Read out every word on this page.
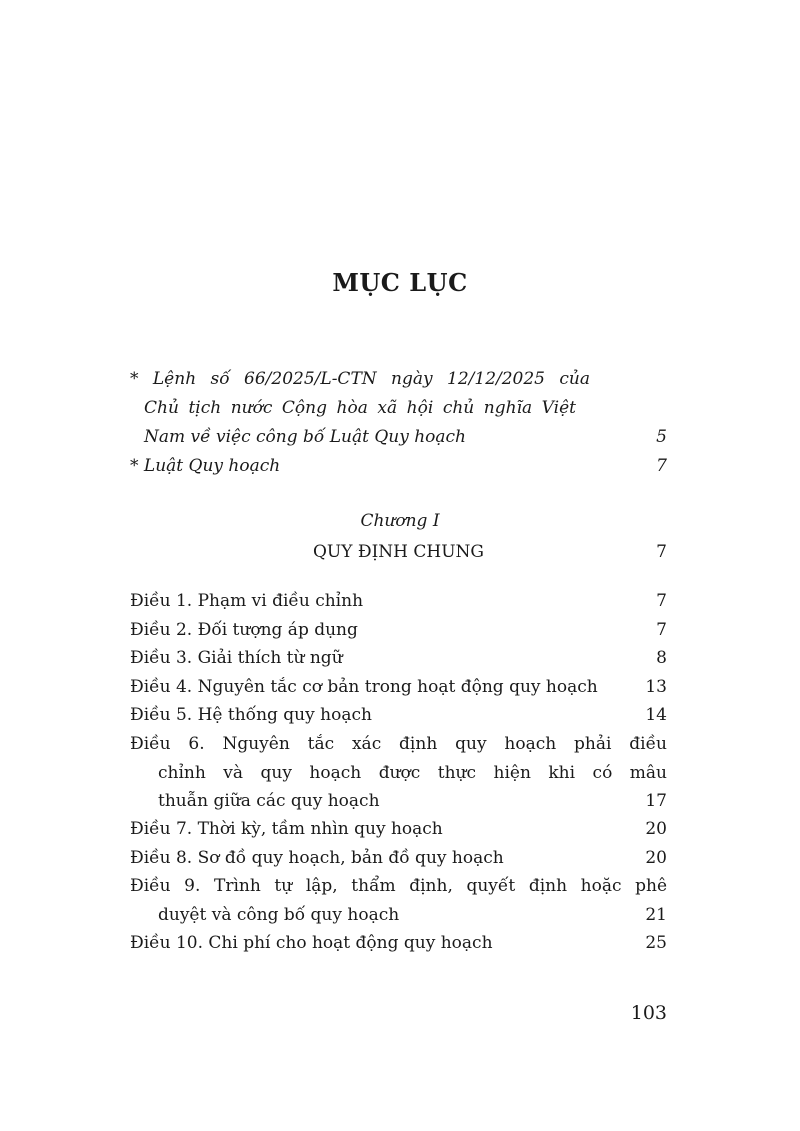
MỤC LỤC
* Lệnh số 66/2025/L-CTN ngày 12/12/2025 của
Chủ tịch nước Cộng hòa xã hội chủ nghĩa Việt
Nam về việc công bố Luật Quy hoạch	5
* Luật Quy hoạch	7
Chương I
QUY ĐỊNH CHUNG	7
Điều 1. Phạm vi điều chỉnh	7
Điều 2. Đối tượng áp dụng	7
Điều 3. Giải thích từ ngữ	8
Điều 4. Nguyên tắc cơ bản trong hoạt động quy hoạch	13
Điều 5. Hệ thống quy hoạch	14
Điều 6. Nguyên tắc xác định quy hoạch phải điều
chỉnh và quy hoạch được thực hiện khi có mâu
thuẫn giữa các quy hoạch	17
Điều 7. Thời kỳ, tầm nhìn quy hoạch	20
Điều 8. Sơ đồ quy hoạch, bản đồ quy hoạch	20
Điều 9. Trình tự lập, thẩm định, quyết định hoặc phê
duyệt và công bố quy hoạch	21
Điều 10. Chi phí cho hoạt động quy hoạch	25
103
